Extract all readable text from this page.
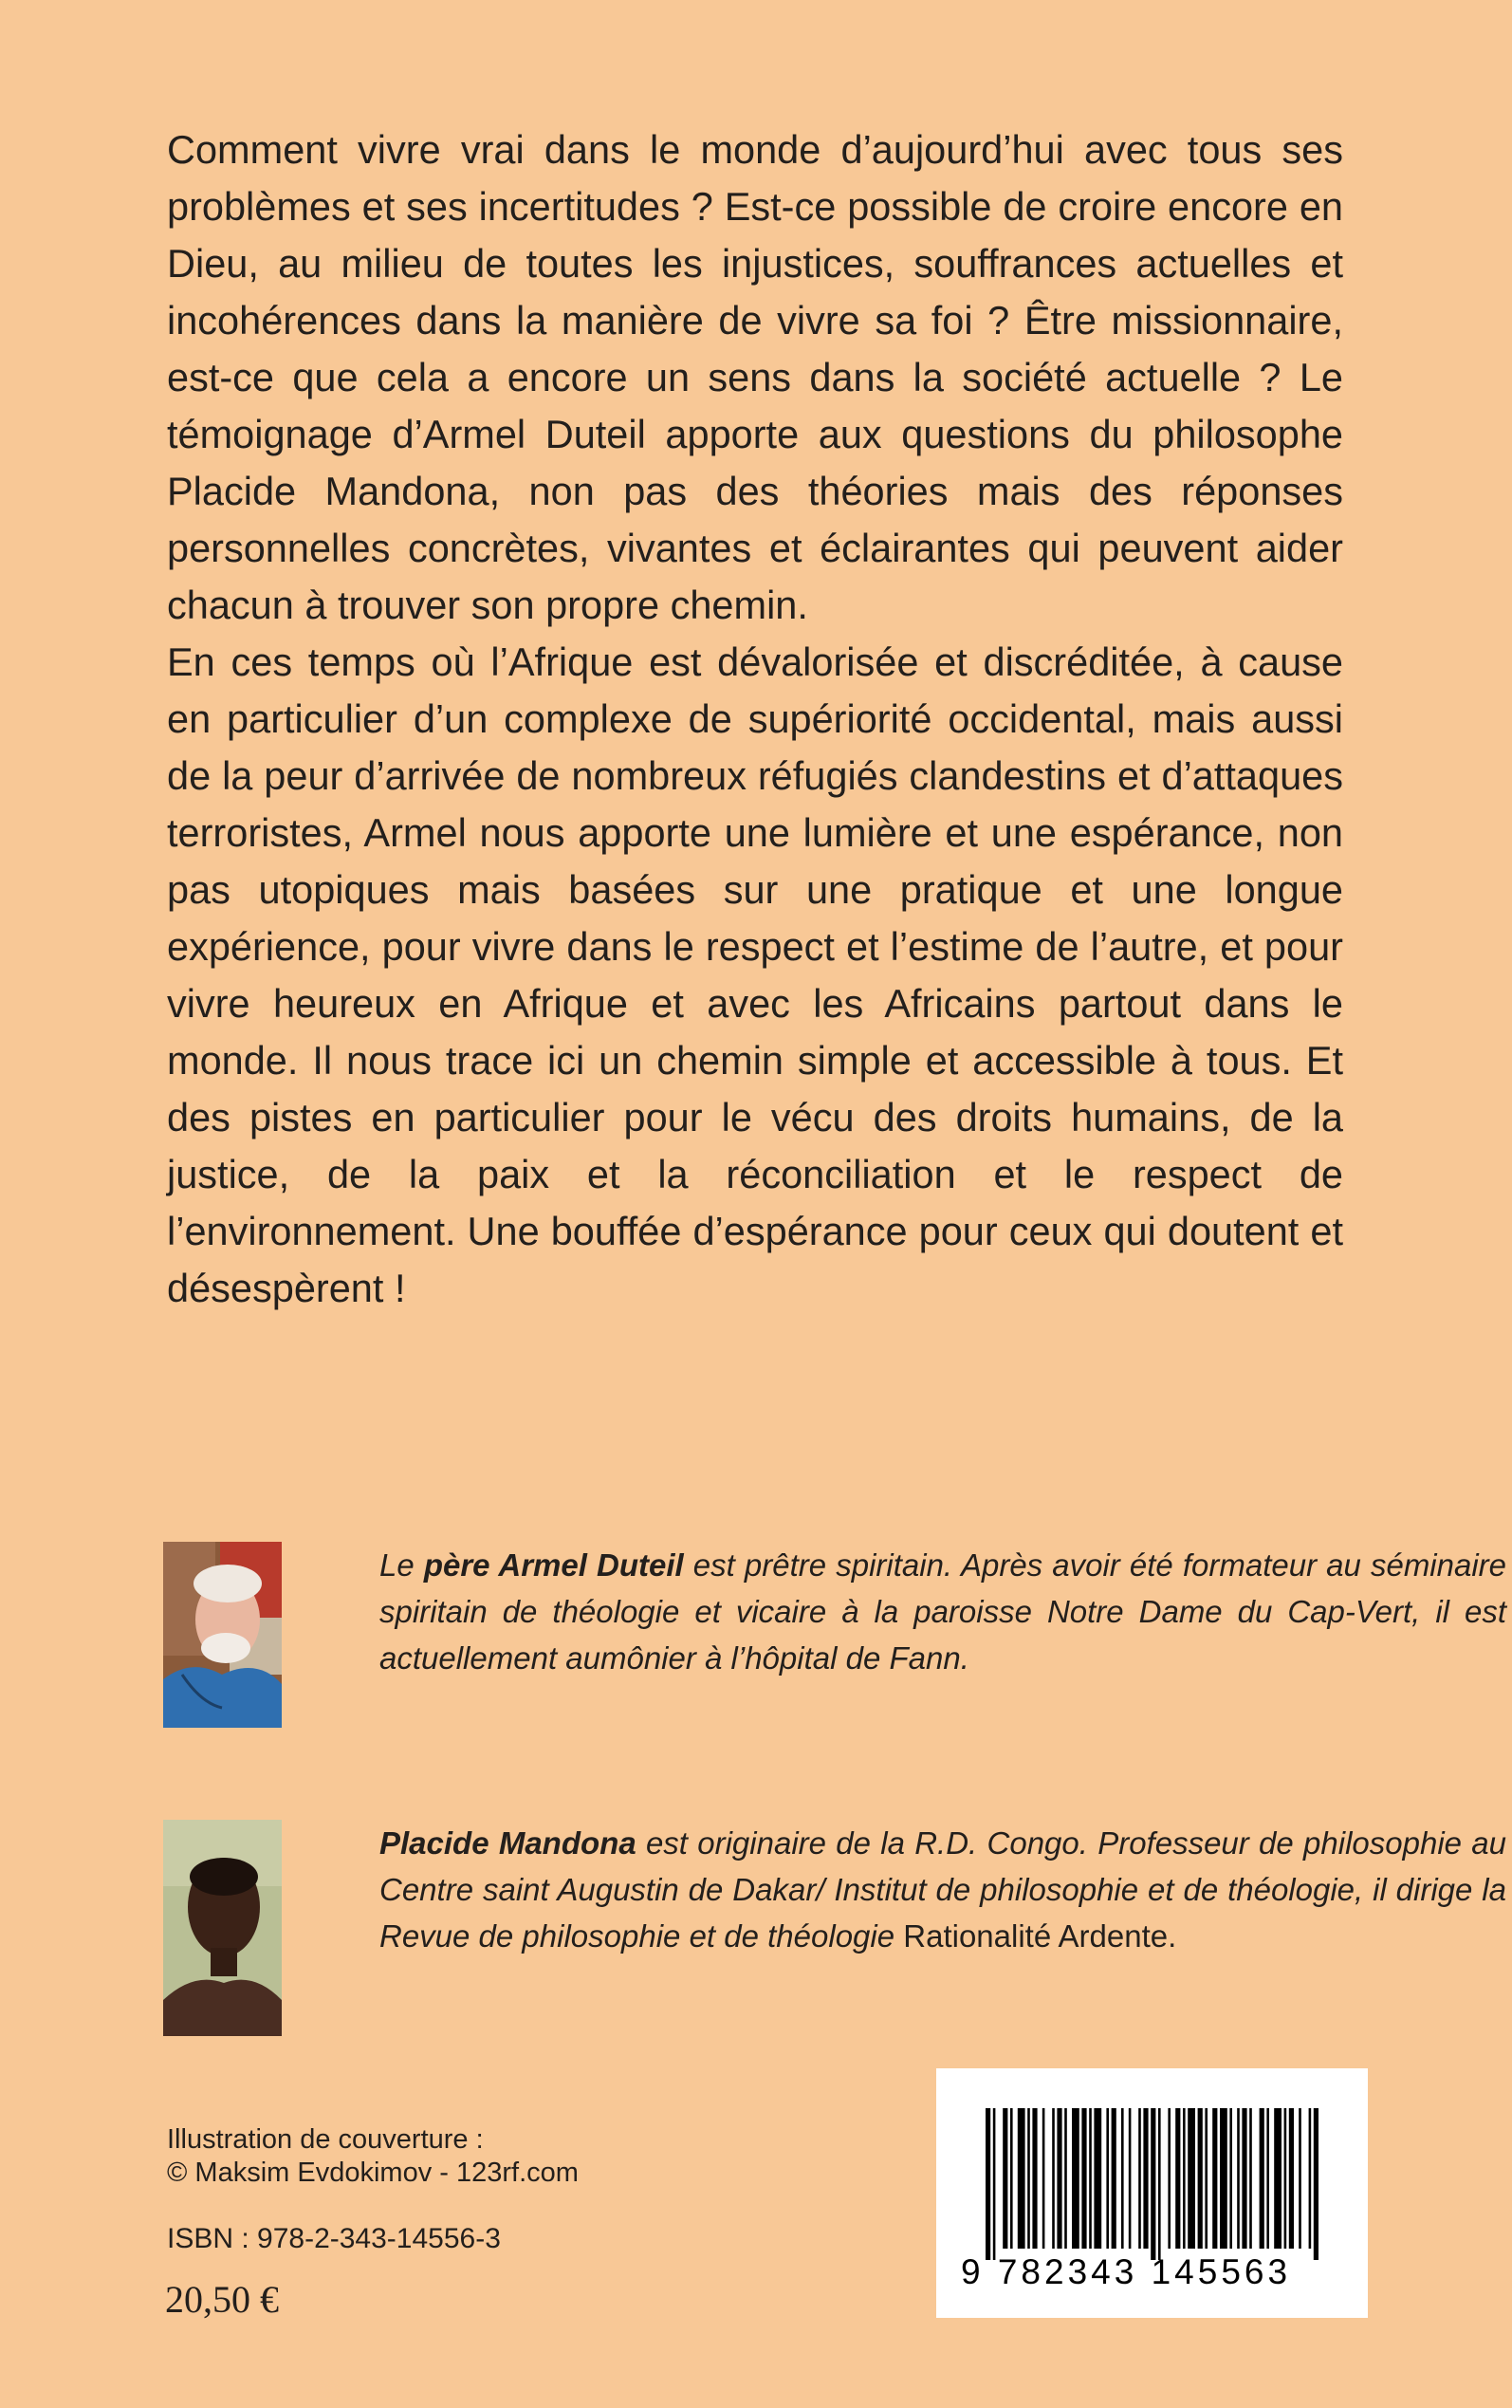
Comment vivre vrai dans le monde d’aujourd’hui avec tous ses problèmes et ses incertitudes ? Est-ce possible de croire encore en Dieu, au milieu de toutes les injustices, souffrances actuelles et incohérences dans la manière de vivre sa foi ? Être missionnaire, est-ce que cela a encore un sens dans la société actuelle ? Le témoignage d’Armel Duteil apporte aux questions du philosophe Placide Mandona, non pas des théories mais des réponses personnelles concrètes, vivantes et éclairantes qui peuvent aider chacun à trouver son propre chemin.

En ces temps où l’Afrique est dévalorisée et discréditée, à cause en particulier d’un complexe de supériorité occidental, mais aussi de la peur d’arrivée de nombreux réfugiés clandestins et d’attaques terroristes, Armel nous apporte une lumière et une espérance, non pas utopiques mais basées sur une pratique et une longue expérience, pour vivre dans le respect et l’estime de l’autre, et pour vivre heureux en Afrique et avec les Africains partout dans le monde. Il nous trace ici un chemin simple et accessible à tous. Et des pistes en particulier pour le vécu des droits humains, de la justice, de la paix et la réconciliation et le respect de l’environnement. Une bouffée d’espérance pour ceux qui doutent et désespèrent !

Le père Armel Duteil est prêtre spiritain. Après avoir été formateur au séminaire spiritain de théologie et vicaire à la paroisse Notre Dame du Cap-Vert, il est actuellement aumônier à l’hôpital de Fann.

Placide Mandona est originaire de la R.D. Congo. Professeur de philosophie au Centre saint Augustin de Dakar/ Institut de philosophie et de théologie, il dirige la Revue de philosophie et de théologie Rationalité Ardente.

Illustration de couverture :
© Maksim Evdokimov - 123rf.com
ISBN : 978-2-343-14556-3
20,50 €
9 782343 145563
